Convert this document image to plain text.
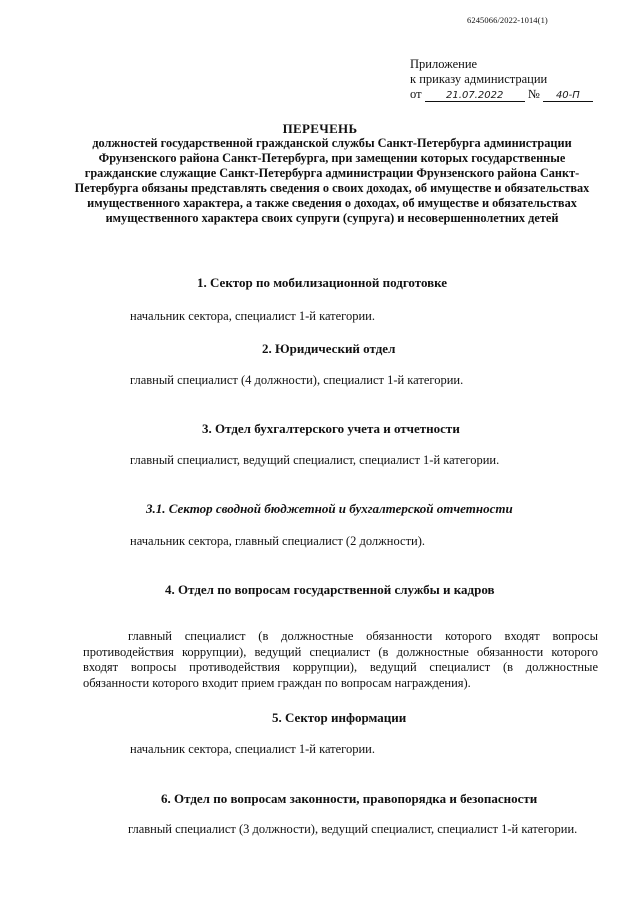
6245066/2022-1014(1)
Приложение
к приказу администрации
от 21.07.2022 № 40-П
ПЕРЕЧЕНЬ
должностей государственной гражданской службы Санкт-Петербурга администрации Фрунзенского района Санкт-Петербурга, при замещении которых государственные гражданские служащие Санкт-Петербурга администрации Фрунзенского района Санкт-Петербурга обязаны представлять сведения о своих доходах, об имуществе и обязательствах имущественного характера, а также сведения о доходах, об имуществе и обязательствах имущественного характера своих супруги (супруга) и несовершеннолетних детей
1. Сектор по мобилизационной подготовке
начальник сектора, специалист 1-й категории.
2. Юридический отдел
главный специалист (4 должности), специалист 1-й категории.
3. Отдел бухгалтерского учета и отчетности
главный специалист, ведущий специалист, специалист 1-й категории.
3.1. Сектор сводной бюджетной и бухгалтерской отчетности
начальник сектора, главный специалист (2 должности).
4. Отдел по вопросам государственной службы и кадров
главный специалист (в должностные обязанности которого входят вопросы противодействия коррупции), ведущий специалист (в должностные обязанности которого входят вопросы противодействия коррупции), ведущий специалист (в должностные обязанности которого входит прием граждан по вопросам награждения).
5. Сектор информации
начальник сектора, специалист 1-й категории.
6. Отдел по вопросам законности, правопорядка и безопасности
главный специалист (3 должности), ведущий специалист, специалист 1-й категории.
